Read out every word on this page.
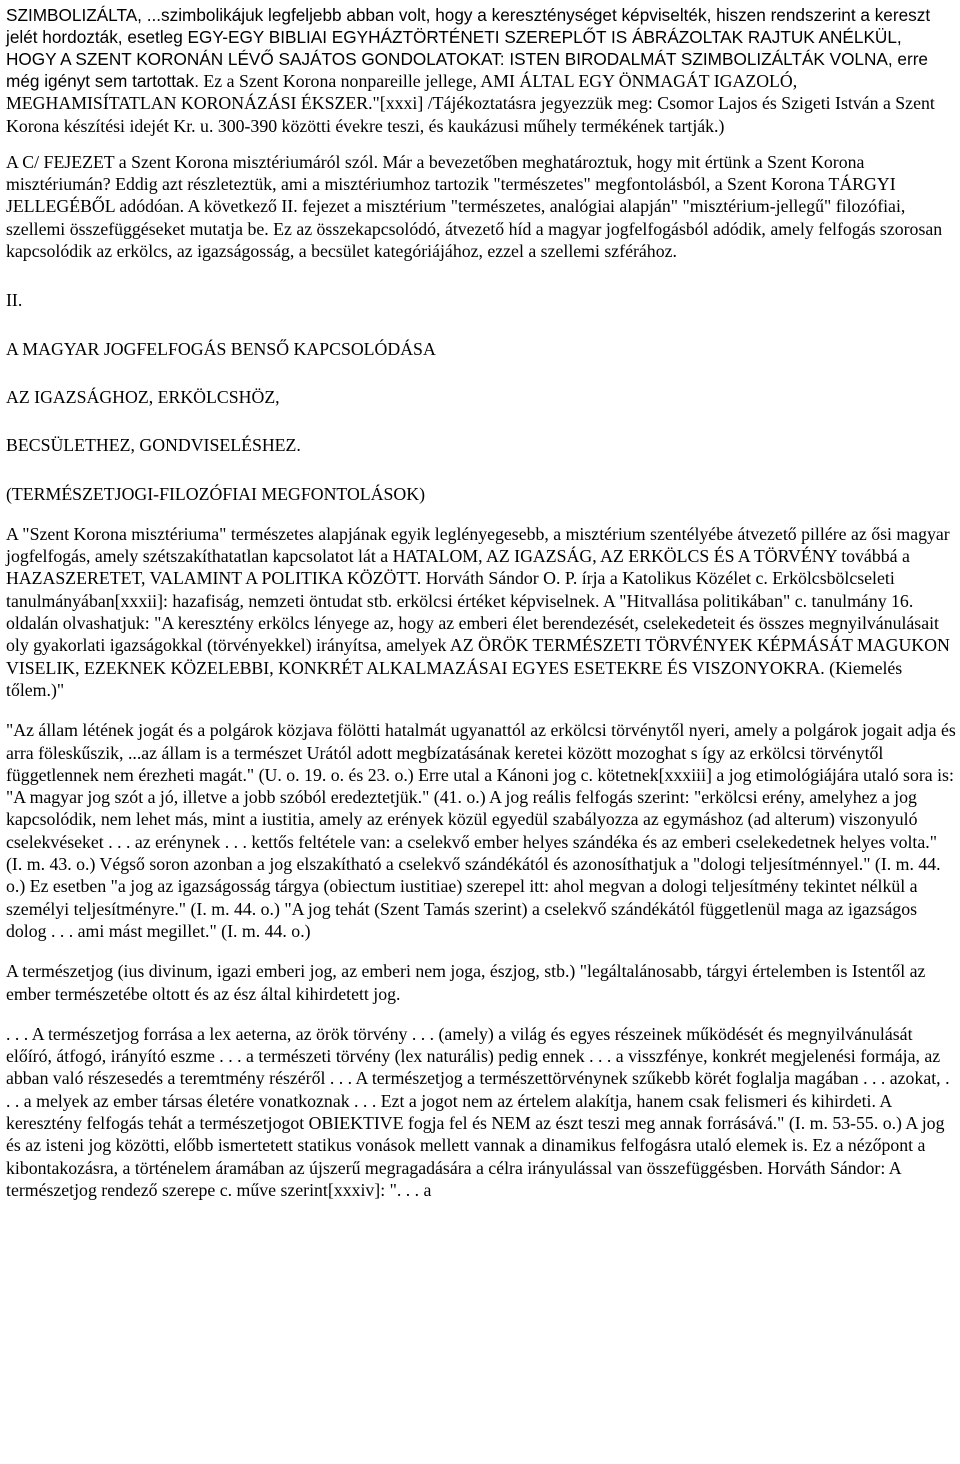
SZIMBOLIZÁLTA, ...szimbolikájuk legfeljebb abban volt, hogy a kereszténységet képviselték, hiszen rendszerint a kereszt jelét hordozták, esetleg EGY-EGY BIBLIAI EGYHÁZTÖRTÉNETI SZEREPLŐT IS ÁBRÁZOLTAK RAJTUK ANÉLKÜL, HOGY A SZENT KORONÁN LÉVŐ SAJÁTOS GONDOLATOKAT: ISTEN BIRODALMÁT SZIMBOLIZÁLTÁK VOLNA, erre még igényt sem tartottak. Ez a Szent Korona nonpareille jellege, AMI ÁLTAL EGY ÖNMAGÁT IGAZOLÓ, MEGHAMISÍTATLAN KORONÁZÁSI ÉKSZER."[xxxi] /Tájékoztatásra jegyezzük meg: Csomor Lajos és Szigeti István a Szent Korona készítési idejét Kr. u. 300-390 közötti évekre teszi, és kaukázusi műhely termékének tartják.)

A C/ FEJEZET a Szent Korona misztériumáról szól. Már a bevezetőben meghatároztuk, hogy mit értünk a Szent Korona misztériumán? Eddig azt részleteztük, ami a misztériumhoz tartozik "természetes" megfontolásból, a Szent Korona TÁRGYI JELLEGÉBŐL adódóan. A következő II. fejezet a misztérium "természetes, analógiai alapján" "misztérium-jellegű" filozófiai, szellemi összefüggéseket mutatja be. Ez az összekapcsolódó, átvezető híd a magyar jogfelfogásból adódik, amely felfogás szorosan kapcsolódik az erkölcs, az igazságosság, a becsület kategóriájához, ezzel a szellemi szférához.

II.

A MAGYAR JOGFELFOGÁS BENSŐ KAPCSOLÓDÁSA

AZ IGAZSÁGHOZ, ERKÖLCSHÖZ,

BECSÜLETHEZ, GONDVISELÉSHEZ.

(TERMÉSZETJOGI-FILOZÓFIAI MEGFONTOLÁSOK)

A "Szent Korona misztériuma" természetes alapjának egyik leglényegesebb, a misztérium szentélyébe átvezető pillére az ősi magyar jogfelfogás, amely szétszakíthatatlan kapcsolatot lát a HATALOM, AZ IGAZSÁG, AZ ERKÖLCS ÉS A TÖRVÉNY továbbá a HAZASZERETET, VALAMINT A POLITIKA KÖZÖTT. Horváth Sándor O. P. írja a Katolikus Közélet c. Erkölcsbölcseleti tanulmányában[xxxii]: hazafiság, nemzeti öntudat stb. erkölcsi értéket képviselnek. A "Hitvallása politikában" c. tanulmány 16. oldalán olvashatjuk: "A keresztény erkölcs lényege az, hogy az emberi élet berendezését, cselekedeteit és összes megnyilvánulásait oly gyakorlati igazságokkal (törvényekkel) irányítsa, amelyek AZ ÖRÖK TERMÉSZETI TÖRVÉNYEK KÉPMÁSÁT MAGUKON VISELIK, EZEKNEK KÖZELEBBI, KONKRÉT ALKALMAZÁSAI EGYES ESETEKRE ÉS VISZONYOKRA. (Kiemelés tőlem.)"

"Az állam létének jogát és a polgárok közjava fölötti hatalmát ugyanattól az erkölcsi törvénytől nyeri, amely a polgárok jogait adja és arra föleskűszik, ...az állam is a természet Urától adott megbízatásának keretei között mozoghat s így az erkölcsi törvénytől függetlennek nem érezheti magát." (U. o. 19. o. és 23. o.) Erre utal a Kánoni jog c. kötetnek[xxxiii] a jog etimológiájára utaló sora is: "A magyar jog szót a jó, illetve a jobb szóból eredeztetjük." (41. o.) A jog reális felfogás szerint: "erkölcsi erény, amelyhez a jog kapcsolódik, nem lehet más, mint a iustitia, amely az erények közül egyedül szabályozza az egymáshoz (ad alterum) viszonyuló cselekvéseket . . . az erénynek . . . kettős feltétele van: a cselekvő ember helyes szándéka és az emberi cselekedetnek helyes volta." (I. m. 43. o.) Végső soron azonban a jog elszakítható a cselekvő szándékától és azonosíthatjuk a "dologi teljesítménnyel." (I. m. 44. o.) Ez esetben "a jog az igazságosság tárgya (obiectum iustitiae) szerepel itt: ahol megvan a dologi teljesítmény tekintet nélkül a személyi teljesítményre." (I. m. 44. o.) "A jog tehát (Szent Tamás szerint) a cselekvő szándékától függetlenül maga az igazságos dolog . . . ami mást megillet." (I. m. 44. o.)

A természetjog (ius divinum, igazi emberi jog, az emberi nem joga, észjog, stb.) "legáltalánosabb, tárgyi értelemben is Istentől az ember természetébe oltott és az ész által kihirdetett jog.

. . . A természetjog forrása a lex aeterna, az örök törvény . . . (amely) a világ és egyes részeinek működését és megnyilvánulását előíró, átfogó, irányító eszme . . . a természeti törvény (lex naturális) pedig ennek . . . a visszfénye, konkrét megjelenési formája, az abban való részesedés a teremtmény részéről . . . A természetjog a természettörvénynek szűkebb körét foglalja magában . . . azokat, . . . a melyek az ember társas életére vonatkoznak . . . Ezt a jogot nem az értelem alakítja, hanem csak felismeri és kihirdeti. A keresztény felfogás tehát a természetjogot OBIEKTIVE fogja fel és NEM az észt teszi meg annak forrásává." (I. m. 53-55. o.) A jog és az isteni jog közötti, előbb ismertetett statikus vonások mellett vannak a dinamikus felfogásra utaló elemek is. Ez a nézőpont a kibontakozásra, a történelem áramában az újszerű megragadására a célra irányulással van összefüggésben. Horváth Sándor: A természetjog rendező szerepe c. műve szerint[xxxiv]: ". . . a
